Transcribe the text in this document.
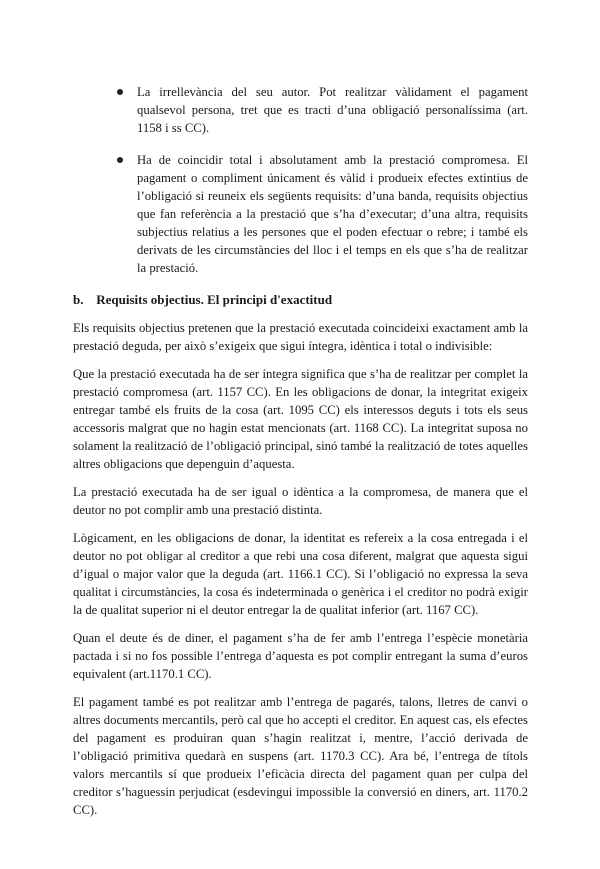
La irrellevància del seu autor. Pot realitzar vàlidament el pagament qualsevol persona, tret que es tracti d’una obligació personalíssima (art. 1158 i ss CC).

Ha de coincidir total i absolutament amb la prestació compromesa. El pagament o compliment únicament és vàlid i produeix efectes extintius de l’obligació si reuneix els següents requisits: d’una banda, requisits objectius que fan referència a la prestació que s’ha d’executar; d’una altra, requisits subjectius relatius a les persones que el poden efectuar o rebre; i també els derivats de les circumstàncies del lloc i el temps en els que s’ha de realitzar la prestació.

b. Requisits objectius. El principi d'exactitud

Els requisits objectius pretenen que la prestació executada coincideixi exactament amb la prestació deguda, per això s’exigeix que sigui íntegra, idèntica i total o indivisible:

Que la prestació executada ha de ser íntegra significa que s’ha de realitzar per complet la prestació compromesa (art. 1157 CC). En les obligacions de donar, la integritat exigeix entregar també els fruits de la cosa (art. 1095 CC) els interessos deguts i tots els seus accessoris malgrat que no hagin estat mencionats (art. 1168 CC). La integritat suposa no solament la realització de l’obligació principal, sinó també la realització de totes aquelles altres obligacions que depenguin d’aquesta.

La prestació executada ha de ser igual o idèntica a la compromesa, de manera que el deutor no pot complir amb una prestació distinta.

Lògicament, en les obligacions de donar, la identitat es refereix a la cosa entregada i el deutor no pot obligar al creditor a que rebi una cosa diferent, malgrat que aquesta sigui d’igual o major valor que la deguda (art. 1166.1 CC). Si l’obligació no expressa la seva qualitat i circumstàncies, la cosa és indeterminada o genèrica i el creditor no podrà exigir la de qualitat superior ni el deutor entregar la de qualitat inferior (art. 1167 CC).

Quan el deute és de diner, el pagament s’ha de fer amb l’entrega l’espècie monetària pactada i si no fos possible l’entrega d’aquesta es pot complir entregant la suma d’euros equivalent (art.1170.1 CC).

El pagament també es pot realitzar amb l’entrega de pagarés, talons, lletres de canvi o altres documents mercantils, però cal que ho accepti el creditor. En aquest cas, els efectes del pagament es produiran quan s’hagin realitzat i, mentre, l’acció derivada de l’obligació primitiva quedarà en suspens (art. 1170.3 CC). Ara bé, l’entrega de títols valors mercantils sí que produeix l’eficàcia directa del pagament quan per culpa del creditor s’haguessin perjudicat (esdevingui impossible la conversió en diners, art. 1170.2 CC).
